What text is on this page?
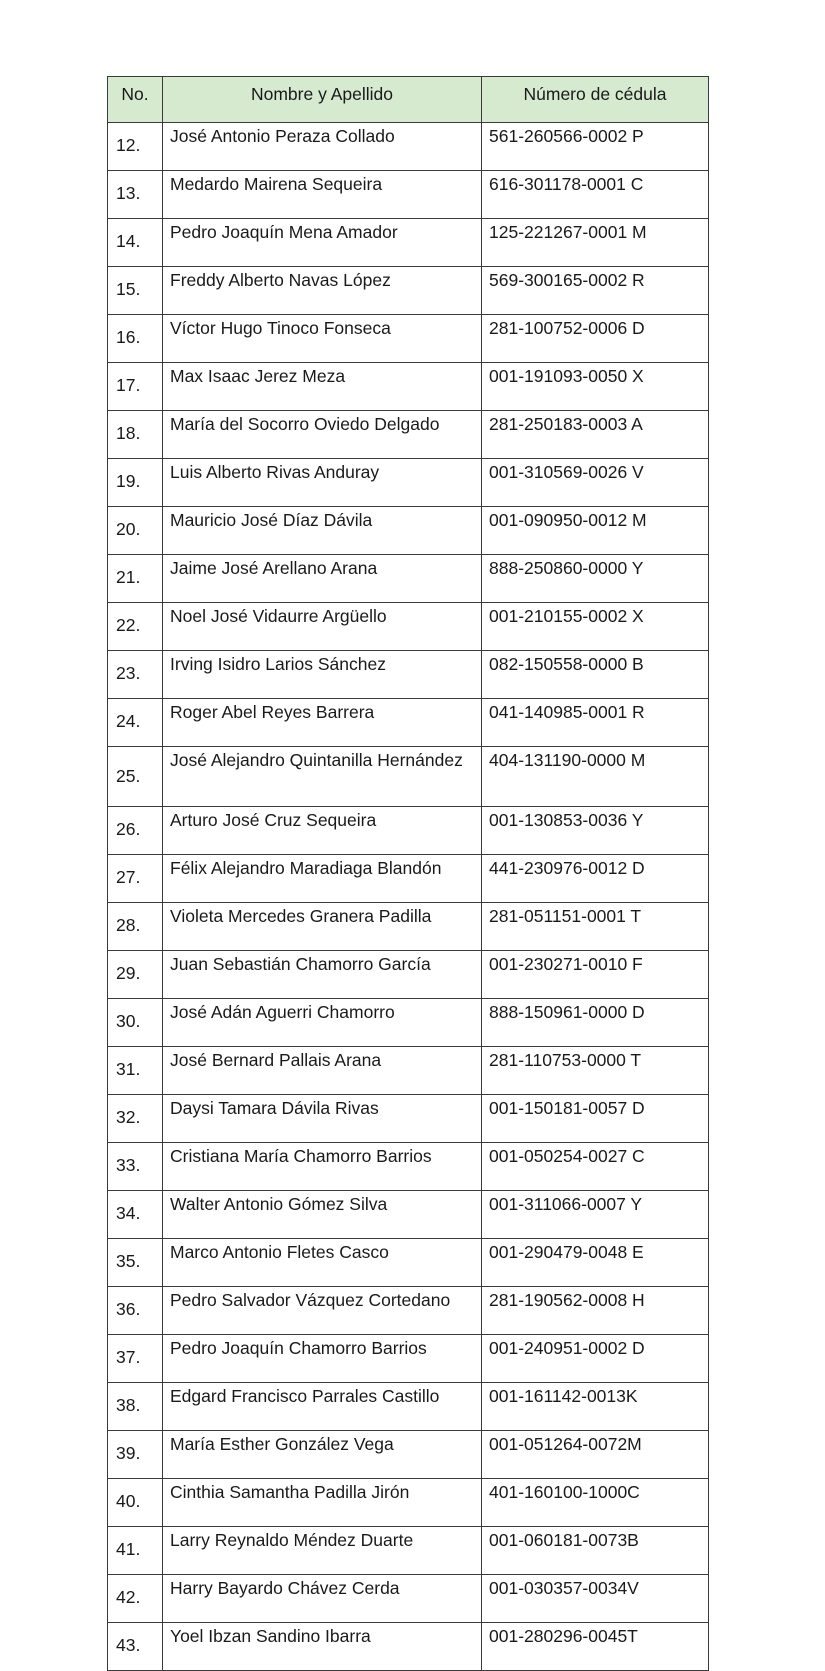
No.	Nombre y Apellido	Número de cédula
12.	José Antonio Peraza Collado	561-260566-0002 P
13.	Medardo Mairena Sequeira	616-301178-0001 C
14.	Pedro Joaquín Mena Amador	125-221267-0001 M
15.	Freddy Alberto Navas López	569-300165-0002 R
16.	Víctor Hugo Tinoco Fonseca	281-100752-0006 D
17.	Max Isaac Jerez Meza	001-191093-0050 X
18.	María del Socorro Oviedo Delgado	281-250183-0003 A
19.	Luis Alberto Rivas Anduray	001-310569-0026 V
20.	Mauricio José Díaz Dávila	001-090950-0012 M
21.	Jaime José Arellano Arana	888-250860-0000 Y
22.	Noel José Vidaurre Argüello	001-210155-0002 X
23.	Irving Isidro Larios Sánchez	082-150558-0000 B
24.	Roger Abel Reyes Barrera	041-140985-0001 R
25.	José Alejandro Quintanilla Hernández	404-131190-0000 M
26.	Arturo José Cruz Sequeira	001-130853-0036 Y
27.	Félix Alejandro Maradiaga Blandón	441-230976-0012 D
28.	Violeta Mercedes Granera Padilla	281-051151-0001 T
29.	Juan Sebastián Chamorro García	001-230271-0010 F
30.	José Adán Aguerri Chamorro	888-150961-0000 D
31.	José Bernard Pallais Arana	281-110753-0000 T
32.	Daysi Tamara Dávila Rivas	001-150181-0057 D
33.	Cristiana María Chamorro Barrios	001-050254-0027 C
34.	Walter Antonio Gómez Silva	001-311066-0007 Y
35.	Marco Antonio Fletes Casco	001-290479-0048 E
36.	Pedro Salvador Vázquez Cortedano	281-190562-0008 H
37.	Pedro Joaquín Chamorro Barrios	001-240951-0002 D
38.	Edgard Francisco Parrales Castillo	001-161142-0013K
39.	María Esther González Vega	001-051264-0072M
40.	Cinthia Samantha Padilla Jirón	401-160100-1000C
41.	Larry Reynaldo Méndez Duarte	001-060181-0073B
42.	Harry Bayardo Chávez Cerda	001-030357-0034V
43.	Yoel Ibzan Sandino Ibarra	001-280296-0045T
